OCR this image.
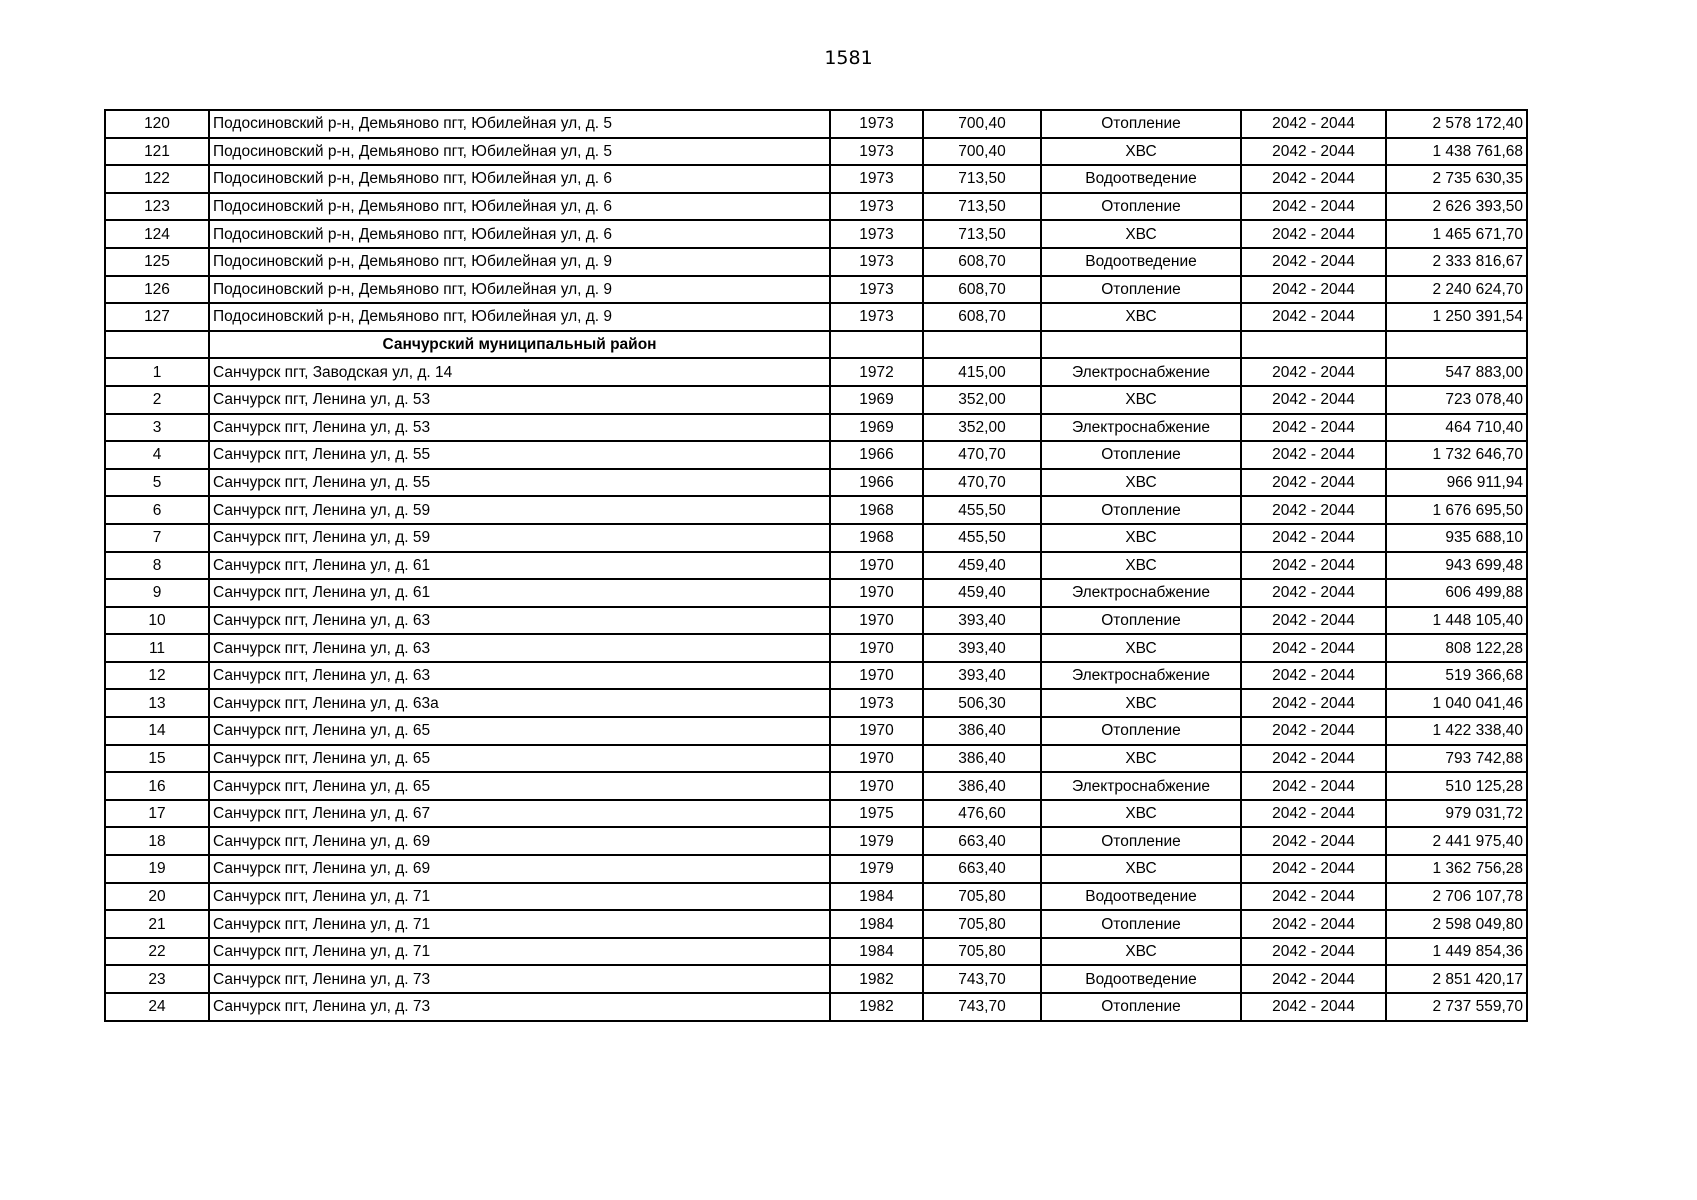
1581
120	Подосиновский р-н, Демьяново пгт, Юбилейная ул, д. 5	1973	700,40	Отопление	2042 - 2044	2 578 172,40
121	Подосиновский р-н, Демьяново пгт, Юбилейная ул, д. 5	1973	700,40	ХВС	2042 - 2044	1 438 761,68
122	Подосиновский р-н, Демьяново пгт, Юбилейная ул, д. 6	1973	713,50	Водоотведение	2042 - 2044	2 735 630,35
123	Подосиновский р-н, Демьяново пгт, Юбилейная ул, д. 6	1973	713,50	Отопление	2042 - 2044	2 626 393,50
124	Подосиновский р-н, Демьяново пгт, Юбилейная ул, д. 6	1973	713,50	ХВС	2042 - 2044	1 465 671,70
125	Подосиновский р-н, Демьяново пгт, Юбилейная ул, д. 9	1973	608,70	Водоотведение	2042 - 2044	2 333 816,67
126	Подосиновский р-н, Демьяново пгт, Юбилейная ул, д. 9	1973	608,70	Отопление	2042 - 2044	2 240 624,70
127	Подосиновский р-н, Демьяново пгт, Юбилейная ул, д. 9	1973	608,70	ХВС	2042 - 2044	1 250 391,54
	Санчурский муниципальный район					
1	Санчурск пгт, Заводская ул, д. 14	1972	415,00	Электроснабжение	2042 - 2044	547 883,00
2	Санчурск пгт, Ленина ул, д. 53	1969	352,00	ХВС	2042 - 2044	723 078,40
3	Санчурск пгт, Ленина ул, д. 53	1969	352,00	Электроснабжение	2042 - 2044	464 710,40
4	Санчурск пгт, Ленина ул, д. 55	1966	470,70	Отопление	2042 - 2044	1 732 646,70
5	Санчурск пгт, Ленина ул, д. 55	1966	470,70	ХВС	2042 - 2044	966 911,94
6	Санчурск пгт, Ленина ул, д. 59	1968	455,50	Отопление	2042 - 2044	1 676 695,50
7	Санчурск пгт, Ленина ул, д. 59	1968	455,50	ХВС	2042 - 2044	935 688,10
8	Санчурск пгт, Ленина ул, д. 61	1970	459,40	ХВС	2042 - 2044	943 699,48
9	Санчурск пгт, Ленина ул, д. 61	1970	459,40	Электроснабжение	2042 - 2044	606 499,88
10	Санчурск пгт, Ленина ул, д. 63	1970	393,40	Отопление	2042 - 2044	1 448 105,40
11	Санчурск пгт, Ленина ул, д. 63	1970	393,40	ХВС	2042 - 2044	808 122,28
12	Санчурск пгт, Ленина ул, д. 63	1970	393,40	Электроснабжение	2042 - 2044	519 366,68
13	Санчурск пгт, Ленина ул, д. 63а	1973	506,30	ХВС	2042 - 2044	1 040 041,46
14	Санчурск пгт, Ленина ул, д. 65	1970	386,40	Отопление	2042 - 2044	1 422 338,40
15	Санчурск пгт, Ленина ул, д. 65	1970	386,40	ХВС	2042 - 2044	793 742,88
16	Санчурск пгт, Ленина ул, д. 65	1970	386,40	Электроснабжение	2042 - 2044	510 125,28
17	Санчурск пгт, Ленина ул, д. 67	1975	476,60	ХВС	2042 - 2044	979 031,72
18	Санчурск пгт, Ленина ул, д. 69	1979	663,40	Отопление	2042 - 2044	2 441 975,40
19	Санчурск пгт, Ленина ул, д. 69	1979	663,40	ХВС	2042 - 2044	1 362 756,28
20	Санчурск пгт, Ленина ул, д. 71	1984	705,80	Водоотведение	2042 - 2044	2 706 107,78
21	Санчурск пгт, Ленина ул, д. 71	1984	705,80	Отопление	2042 - 2044	2 598 049,80
22	Санчурск пгт, Ленина ул, д. 71	1984	705,80	ХВС	2042 - 2044	1 449 854,36
23	Санчурск пгт, Ленина ул, д. 73	1982	743,70	Водоотведение	2042 - 2044	2 851 420,17
24	Санчурск пгт, Ленина ул, д. 73	1982	743,70	Отопление	2042 - 2044	2 737 559,70
